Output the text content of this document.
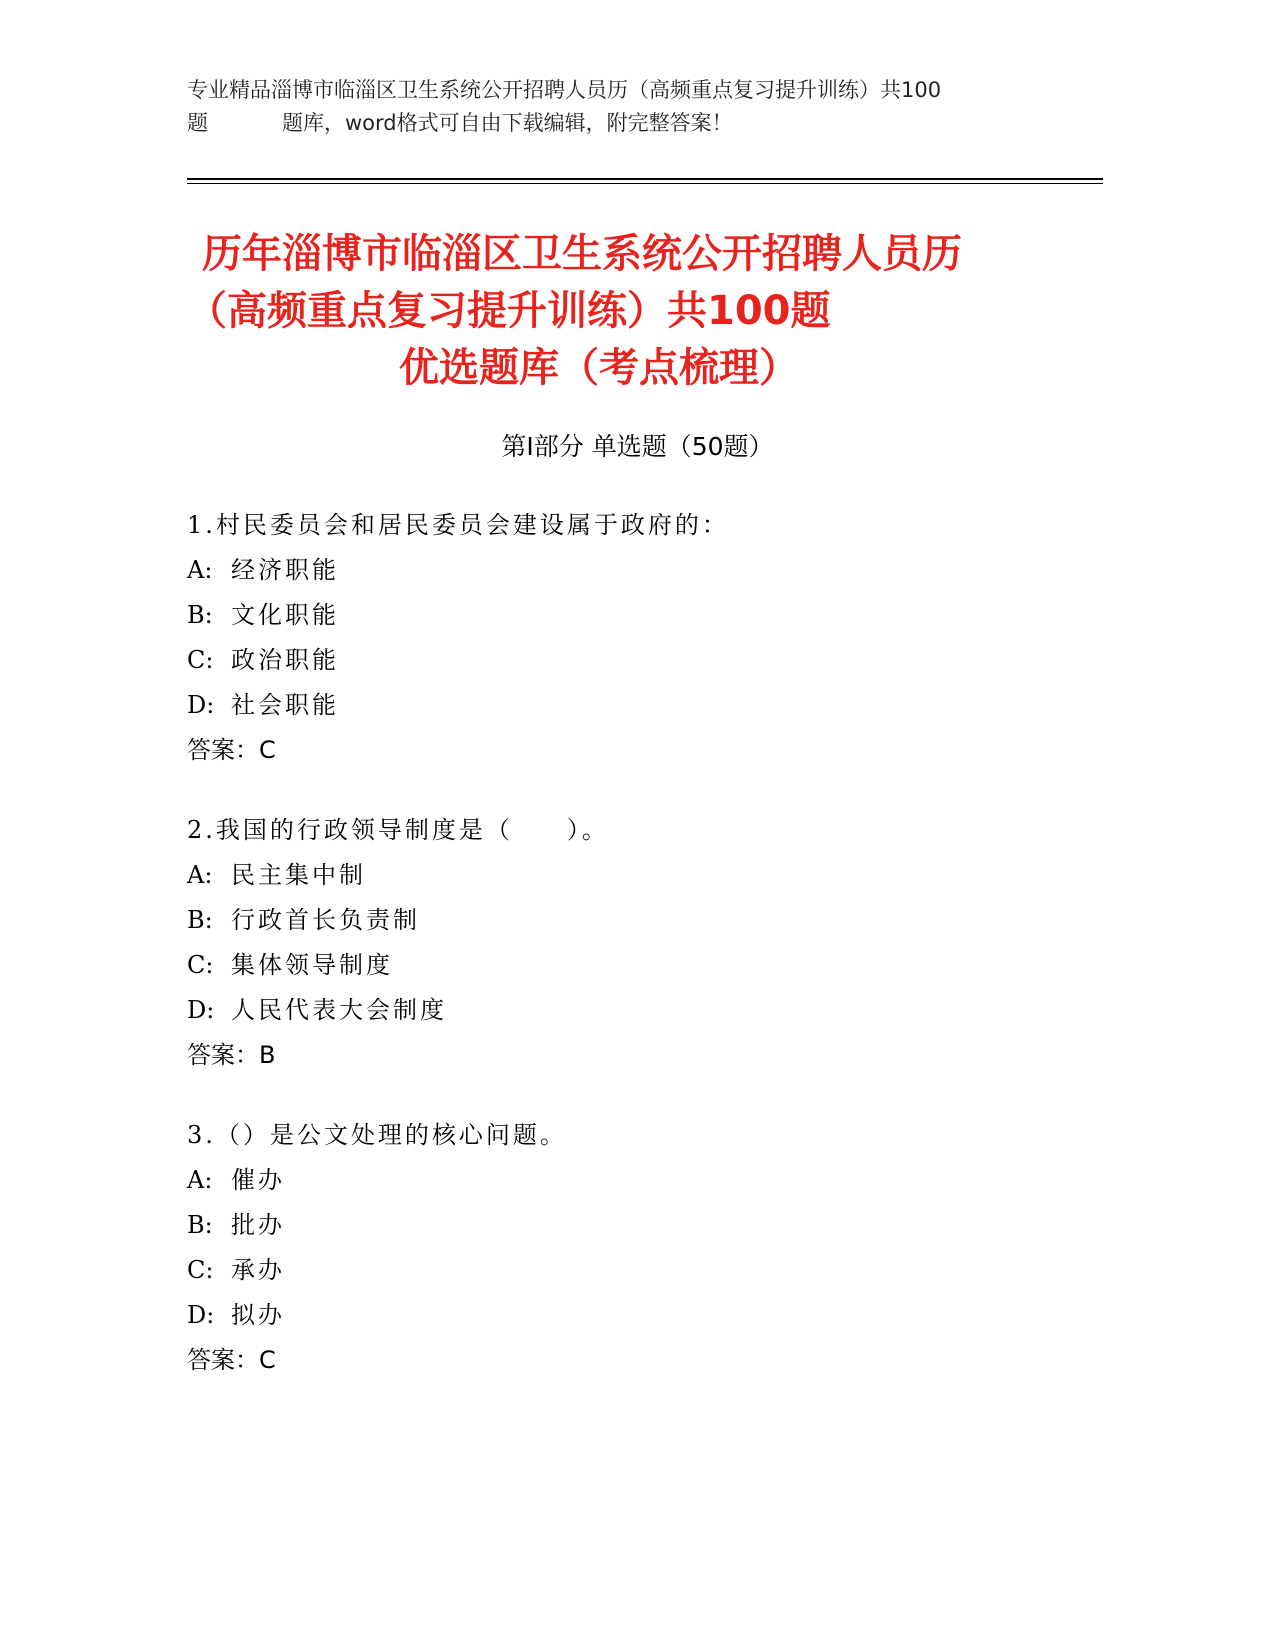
专业精品淄博市临淄区卫生系统公开招聘人员历（高频重点复习提升训练）共100
题	题库，word格式可自由下载编辑，附完整答案！
历年淄博市临淄区卫生系统公开招聘人员历
（高频重点复习提升训练）共100题
优选题库（考点梳理）
第Ⅰ部分 单选题（50题）
1.村民委员会和居民委员会建设属于政府的：
A: 经济职能
B: 文化职能
C: 政治职能
D: 社会职能
答案：C
2.我国的行政领导制度是（　　）。
A: 民主集中制
B: 行政首长负责制
C: 集体领导制度
D: 人民代表大会制度
答案：B
3.（）是公文处理的核心问题。
A: 催办
B: 批办
C: 承办
D: 拟办
答案：C
